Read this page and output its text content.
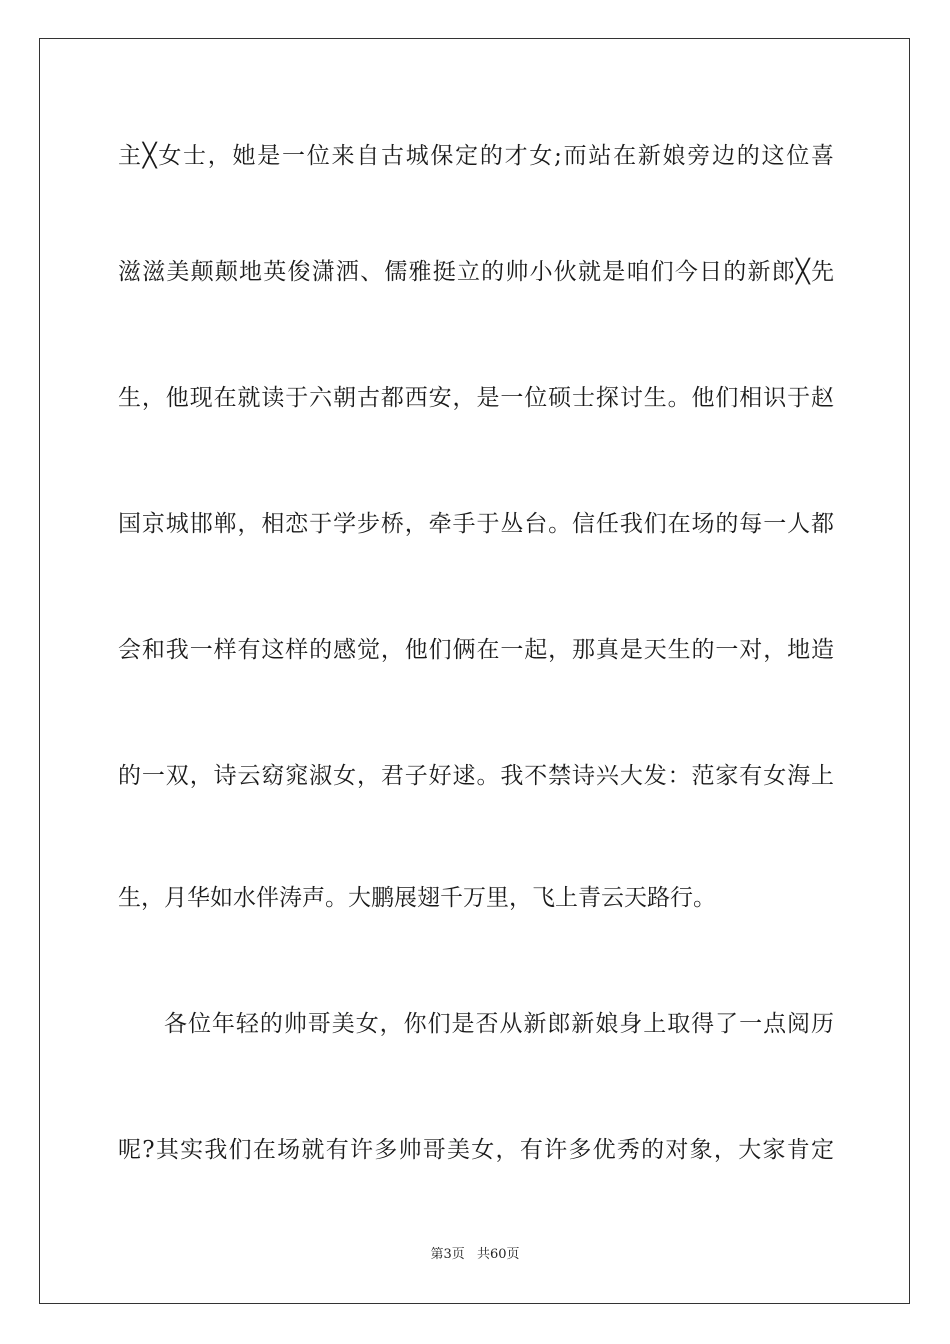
主╳女士，她是一位来自古城保定的才女;而站在新娘旁边的这位喜
滋滋美颠颠地英俊潇洒、儒雅挺立的帅小伙就是咱们今日的新郎╳先
生，他现在就读于六朝古都西安，是一位硕士探讨生。他们相识于赵
国京城邯郸，相恋于学步桥，牵手于丛台。信任我们在场的每一人都
会和我一样有这样的感觉，他们俩在一起，那真是天生的一对，地造
的一双，诗云窈窕淑女，君子好逑。我不禁诗兴大发：范家有女海上
生，月华如水伴涛声。大鹏展翅千万里，飞上青云天路行。
各位年轻的帅哥美女，你们是否从新郎新娘身上取得了一点阅历
呢?其实我们在场就有许多帅哥美女，有许多优秀的对象，大家肯定
第3页 共60页
